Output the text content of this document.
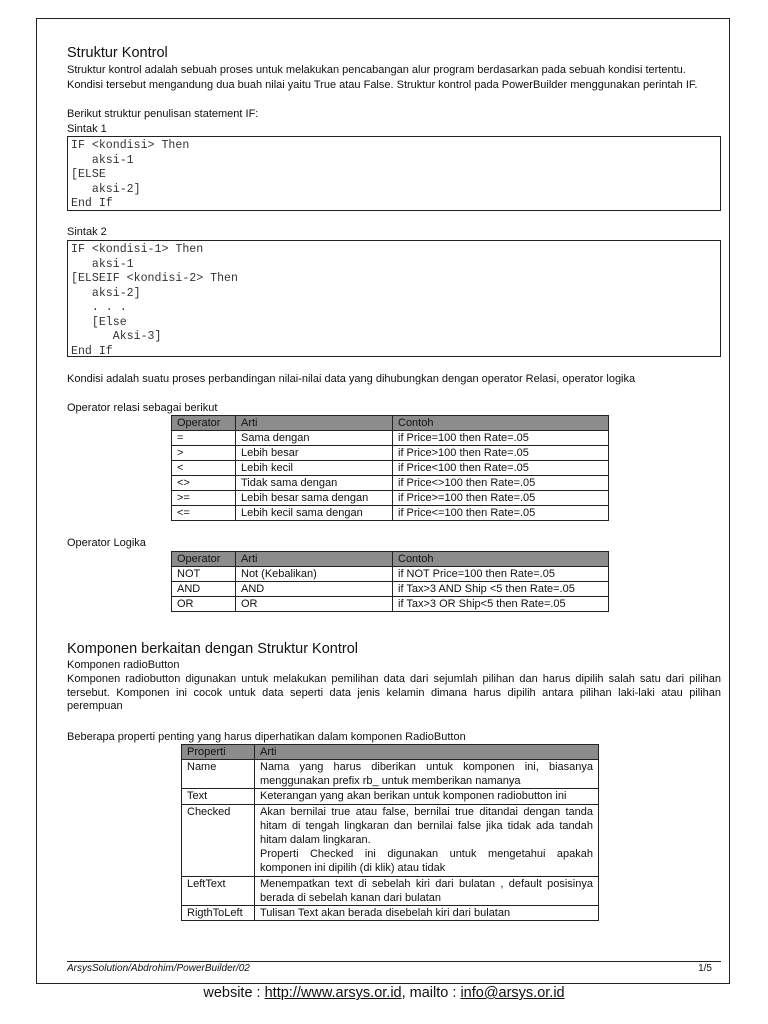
Struktur Kontrol
Struktur kontrol adalah sebuah proses untuk melakukan pencabangan alur program berdasarkan pada sebuah kondisi tertentu.
Kondisi tersebut mengandung dua buah nilai yaitu True atau False. Struktur kontrol pada PowerBuilder menggunakan perintah IF.
Berikut struktur penulisan statement IF:
Sintak 1
IF <kondisi> Then
aksi-1
[ELSE
aksi-2]
End If
Sintak 2
IF <kondisi-1> Then
aksi-1
[ELSEIF <kondisi-2> Then
aksi-2]
. . .
[Else
Aksi-3]
End If
Kondisi adalah suatu proses perbandingan nilai-nilai data yang dihubungkan dengan operator Relasi, operator logika
Operator relasi sebagai berikut
Operator	Arti	Contoh
=	Sama dengan	if Price=100 then Rate=.05
>	Lebih besar	if Price>100 then Rate=.05
<	Lebih kecil	if Price<100 then Rate=.05
<>	Tidak sama dengan	if Price<>100 then Rate=.05
>=	Lebih besar sama dengan	if Price>=100 then Rate=.05
<=	Lebih kecil sama dengan	if Price<=100 then Rate=.05
Operator Logika
Operator	Arti	Contoh
NOT	Not (Kebalikan)	if NOT Price=100 then Rate=.05
AND	AND	if Tax>3 AND Ship <5 then Rate=.05
OR	OR	if Tax>3 OR Ship<5 then Rate=.05
Komponen berkaitan dengan Struktur Kontrol
Komponen radioButton
Komponen radiobutton digunakan untuk melakukan pemilihan data dari sejumlah pilihan dan harus dipilih salah satu dari pilihan tersebut. Komponen ini cocok untuk data seperti data jenis kelamin dimana harus dipilih antara pilihan laki-laki atau pilihan perempuan
Beberapa properti penting yang harus diperhatikan dalam komponen RadioButton
Properti	Arti
Name	Nama yang harus diberikan untuk komponen ini, biasanya menggunakan prefix rb_ untuk memberikan namanya
Text	Keterangan yang akan berikan untuk komponen radiobutton ini
Checked	Akan bernilai true atau false, bernilai true ditandai dengan tanda hitam di tengah lingkaran dan bernilai false jika tidak ada tandah hitam dalam lingkaran.
Properti Checked ini digunakan untuk mengetahui apakah komponen ini dipilih (di klik) atau tidak
LeftText	Menempatkan text di sebelah kiri dari bulatan , default posisinya berada di sebelah kanan dari bulatan
RigthToLeft	Tulisan Text akan berada disebelah kiri dari bulatan
ArsysSolution/Abdrohim/PowerBuilder/02	1/5
website : http://www.arsys.or.id, mailto : info@arsys.or.id
